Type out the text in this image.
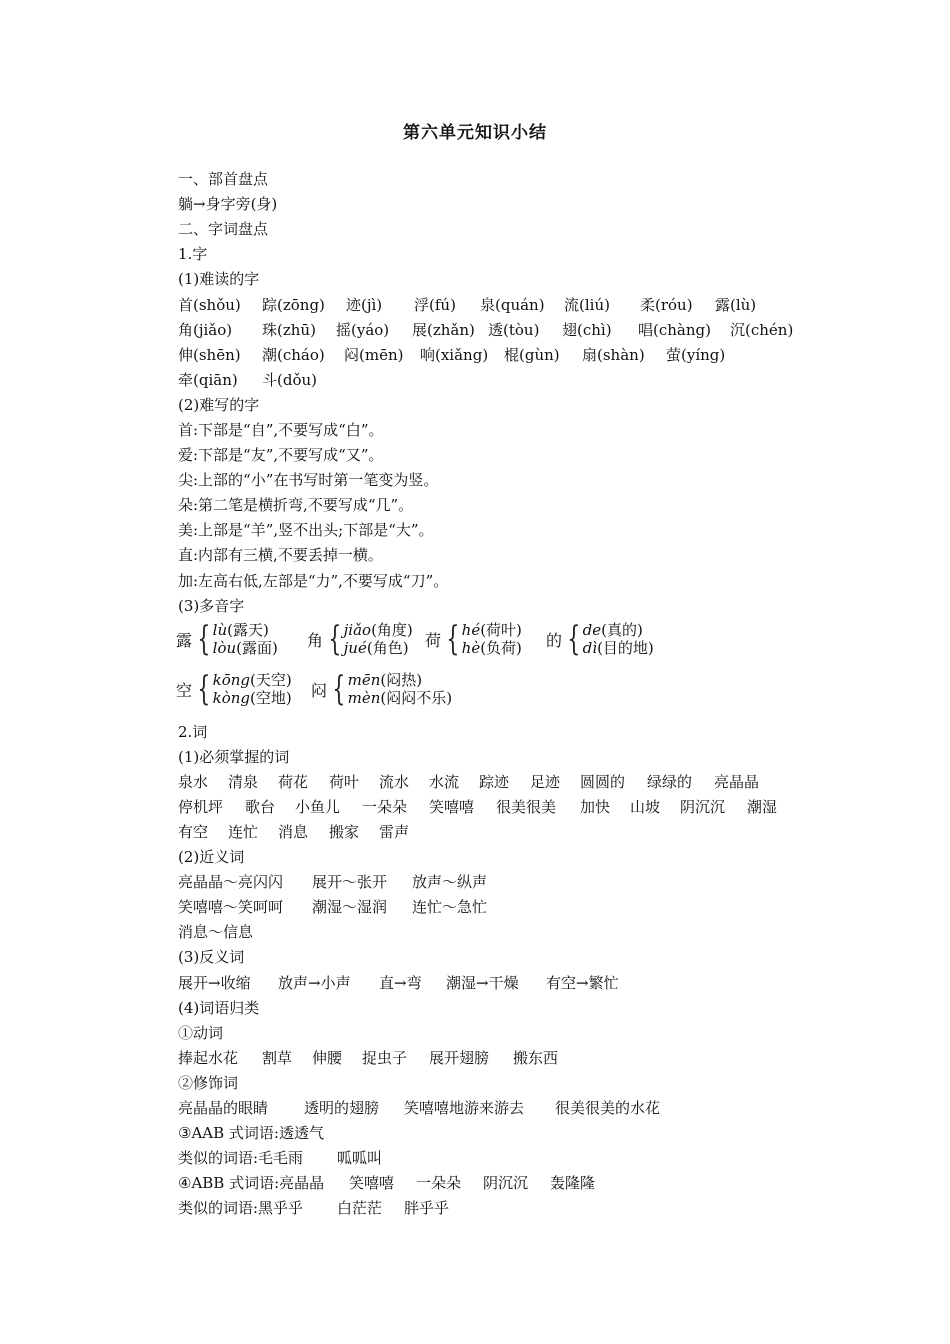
第六单元知识小结
一、部首盘点
躺→身字旁(身)
二、字词盘点
1.字
(1)难读的字
首(shǒu) 踪(zōng) 迹(jì) 浮(fú) 泉(quán) 流(liú) 柔(róu) 露(lù)
角(jiǎo) 珠(zhū) 摇(yáo) 展(zhǎn) 透(tòu) 翅(chì) 唱(chàng) 沉(chén)
伸(shēn) 潮(cháo) 闷(mēn) 响(xiǎng) 棍(gùn) 扇(shàn) 萤(yíng)
牵(qiān) 斗(dǒu)
(2)难写的字
首:下部是“自”,不要写成“白”。
爱:下部是“友”,不要写成“又”。
尖:上部的“小”在书写时第一笔变为竖。
朵:第二笔是横折弯,不要写成“几”。
美:上部是“羊”,竖不出头;下部是“大”。
直:内部有三横,不要丢掉一横。
加:左高右低,左部是“力”,不要写成“刀”。
(3)多音字
露 { lù(露天)
lòu(露面) 角 { jiǎo(角度)
jué(角色) 荷 { hé(荷叶)
hè(负荷) 的 { de(真的)
dì(目的地)
空 { kōng(天空)
kòng(空地) 闷 { mēn(闷热)
mèn(闷闷不乐)
2.词
(1)必须掌握的词
泉水 清泉 荷花 荷叶 流水 水流 踪迹 足迹 圆圆的 绿绿的 亮晶晶
停机坪 歌台 小鱼儿 一朵朵 笑嘻嘻 很美很美 加快 山坡 阴沉沉 潮湿
有空 连忙 消息 搬家 雷声
(2)近义词
亮晶晶～亮闪闪 展开～张开 放声～纵声
笑嘻嘻～笑呵呵 潮湿～湿润 连忙～急忙
消息～信息
(3)反义词
展开→收缩 放声→小声 直→弯 潮湿→干燥 有空→繁忙
(4)词语归类
①动词
捧起水花 割草 伸腰 捉虫子 展开翅膀 搬东西
②修饰词
亮晶晶的眼睛 透明的翅膀 笑嘻嘻地游来游去 很美很美的水花
③AAB 式词语:透透气
类似的词语:毛毛雨 呱呱叫
④ABB 式词语:亮晶晶 笑嘻嘻 一朵朵 阴沉沉 轰隆隆
类似的词语:黑乎乎 白茫茫 胖乎乎
